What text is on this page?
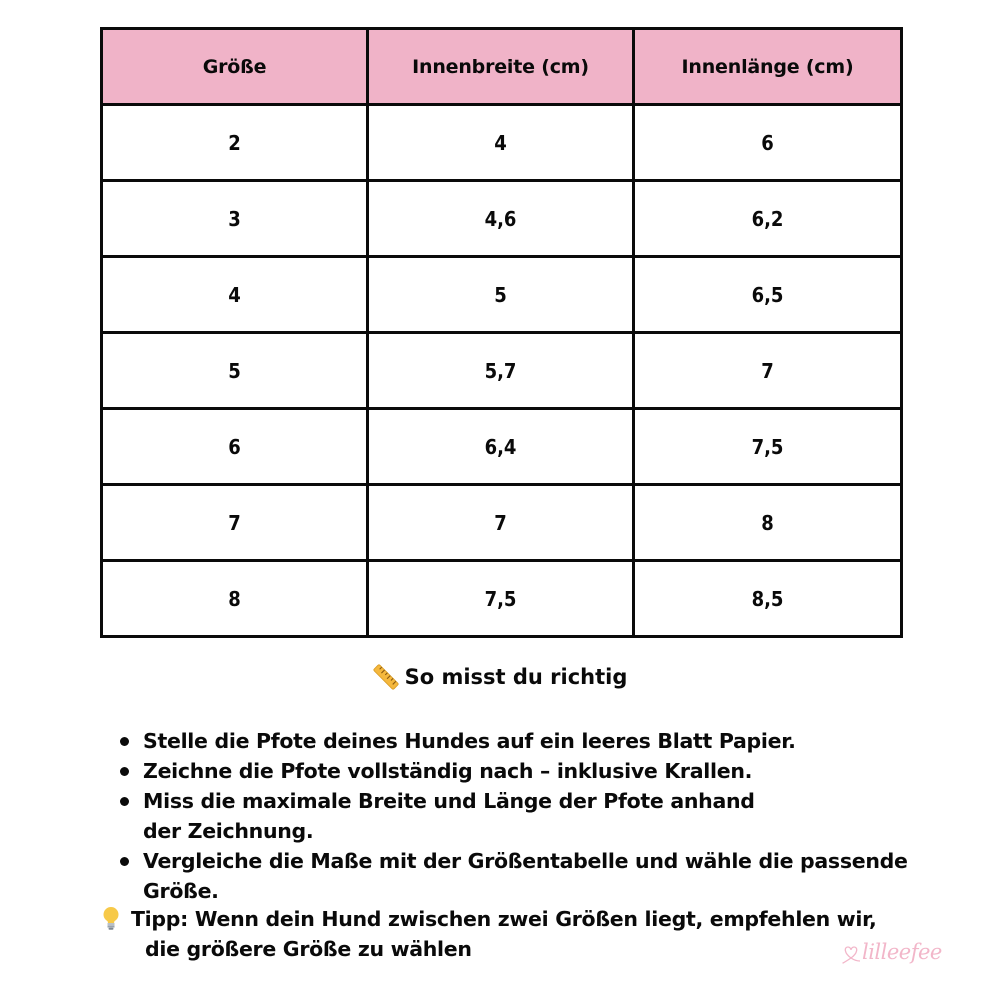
Größe	Innenbreite (cm)	Innenlänge (cm)
2	4	6
3	4,6	6,2
4	5	6,5
5	5,7	7
6	6,4	7,5
7	7	8
8	7,5	8,5
So misst du richtig
Stelle die Pfote deines Hundes auf ein leeres Blatt Papier.
Zeichne die Pfote vollständig nach – inklusive Krallen.
Miss die maximale Breite und Länge der Pfote anhand der Zeichnung.
Vergleiche die Maße mit der Größentabelle und wähle die passende Größe.
Tipp: Wenn dein Hund zwischen zwei Größen liegt, empfehlen wir,
die größere Größe zu wählen	lilleefee
